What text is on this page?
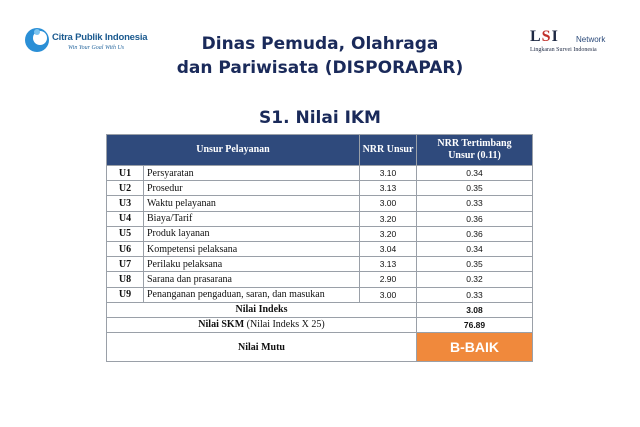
Citra Publik Indonesia
Win Your Goal With Us
LSI Network
Lingkaran Survei Indonesia
Dinas Pemuda, Olahraga
dan Pariwisata (DISPORAPAR)
S1. Nilai IKM
Unsur Pelayanan		NRR Unsur	NRR Tertimbang Unsur (0.11)
U1	Persyaratan	3.10	0.34
U2	Prosedur	3.13	0.35
U3	Waktu pelayanan	3.00	0.33
U4	Biaya/Tarif	3.20	0.36
U5	Produk layanan	3.20	0.36
U6	Kompetensi pelaksana	3.04	0.34
U7	Perilaku pelaksana	3.13	0.35
U8	Sarana dan prasarana	2.90	0.32
U9	Penanganan pengaduan, saran, dan masukan	3.00	0.33
Nilai Indeks			3.08
Nilai SKM (Nilai Indeks X 25)			76.89
Nilai Mutu			B-BAIK
